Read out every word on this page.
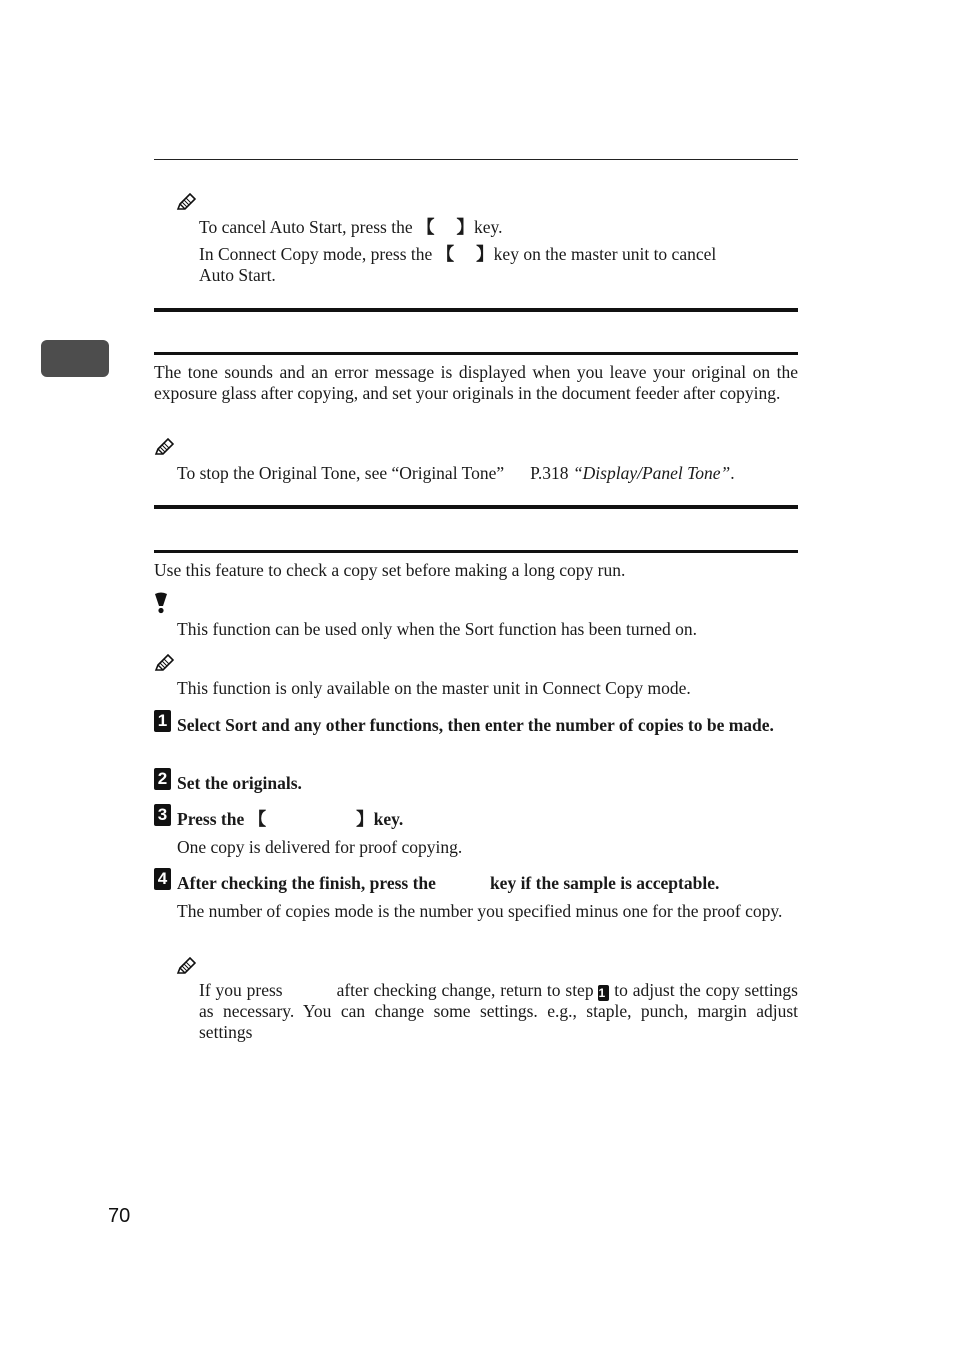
To cancel Auto Start, press the 【 】key.
In Connect Copy mode, press the 【 】key on the master unit to cancel
Auto Start.
The tone sounds and an error message is displayed when you leave your original on the exposure glass after copying, and set your originals in the document feeder after copying.
To stop the Original Tone, see “Original Tone” P.318 “Display/Panel Tone”.
Use this feature to check a copy set before making a long copy run.
This function can be used only when the Sort function has been turned on.
This function is only available on the master unit in Connect Copy mode.
1 Select Sort and any other functions, then enter the number of copies to be made.
2 Set the originals.
3 Press the 【	】key.
One copy is delivered for proof copying.
4 After checking the finish, press the	key if the sample is acceptable.
The number of copies mode is the number you specified minus one for the proof copy.
If you press	after checking change, return to step 1 to adjust the copy settings as necessary. You can change some settings. e.g., staple, punch, margin adjust settings
70
